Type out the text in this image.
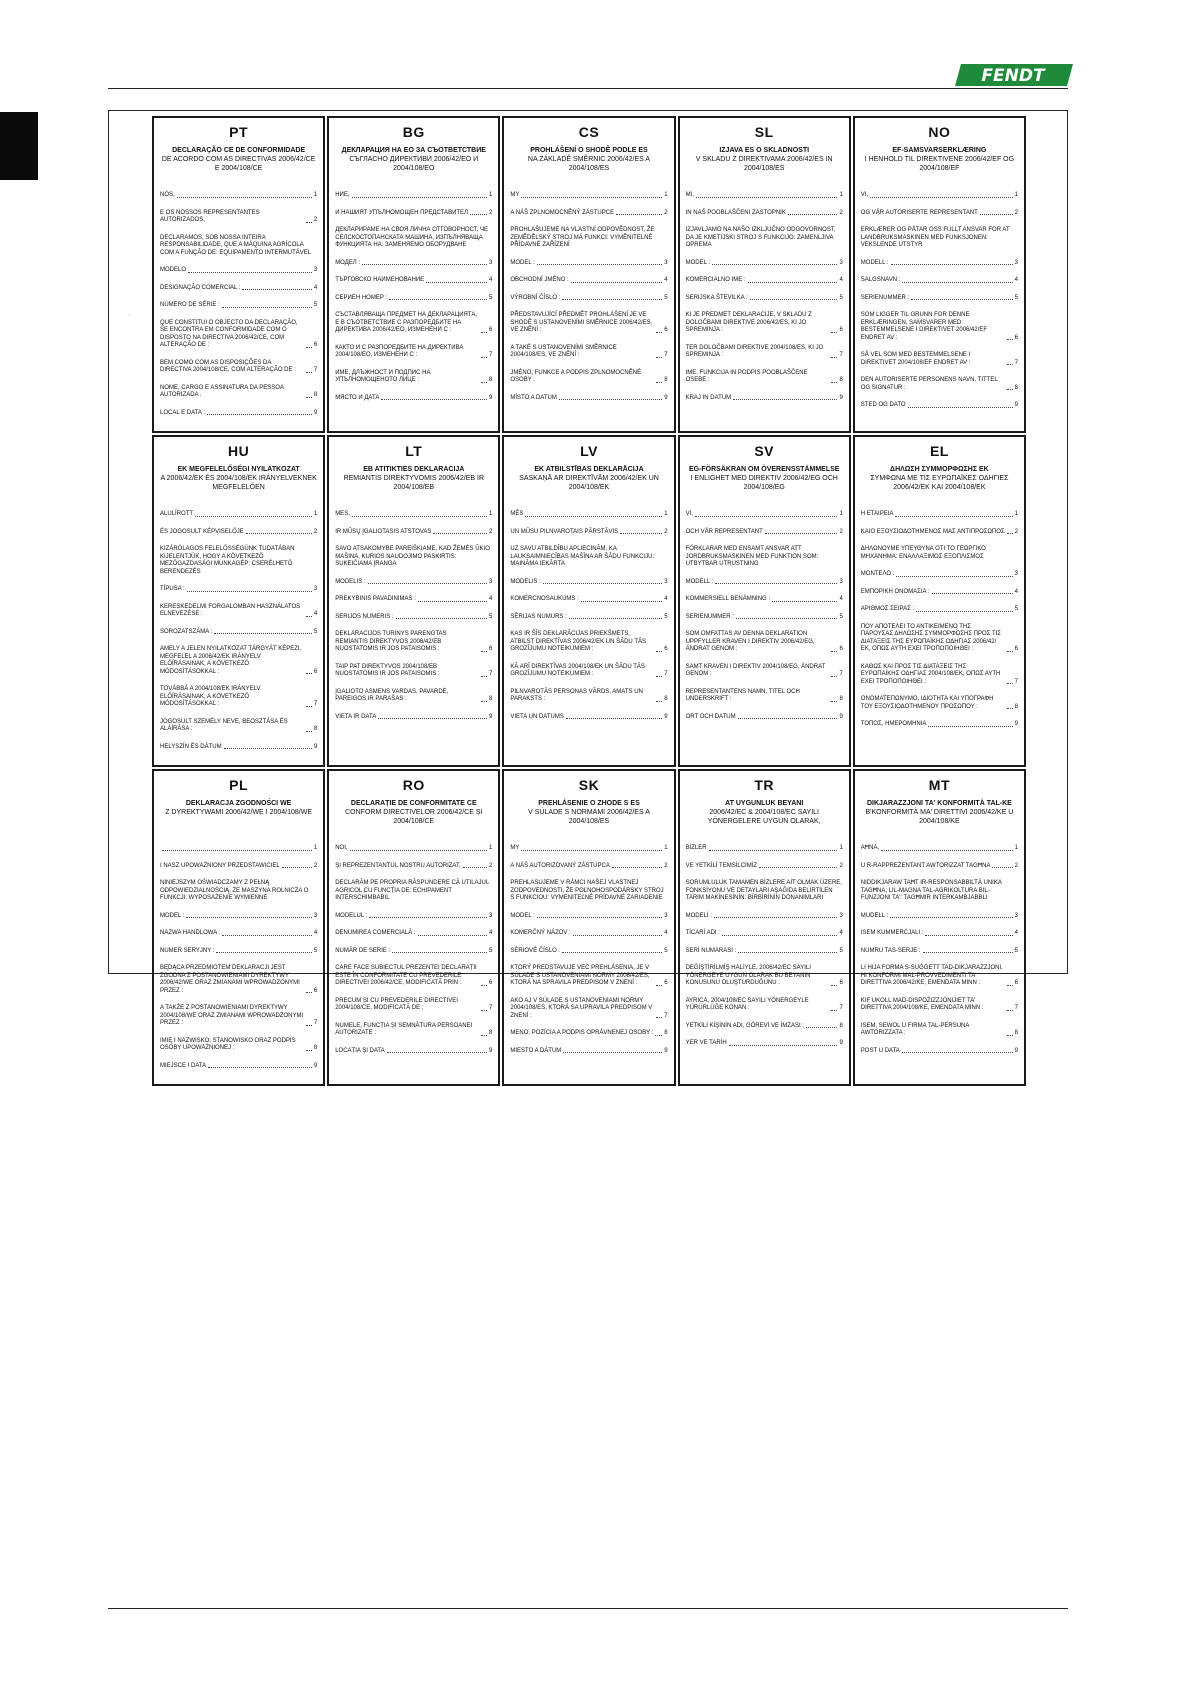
FENDT
·
PT
DECLARAÇÃO CE DE CONFORMIDADE
DE ACORDO COM AS DIRECTIVAS 2006/42/CE E 2004/108/CE
NÓS,	1
E OS NOSSOS REPRESENTANTES AUTORIZADOS,	2
DECLARAMOS, SOB NOSSA INTEIRA RESPONSABILIDADE, QUE A MÁQUINA AGRÍCOLA COM A FUNÇÃO DE: EQUIPAMENTO INTERMUTÁVEL
MODELO	3
DESIGNAÇÃO COMERCIAL :	4
NÚMERO DE SÉRIE :	5
QUE CONSTITUI O OBJECTO DA DECLARAÇÃO, SE ENCONTRA EM CONFORMIDADE COM O DISPOSTO NA DIRECTIVA 2006/42/CE, COM ALTERAÇÃO DE :	6
BEM COMO COM AS DISPOSIÇÕES DA DIRECTIVA 2004/108/CE, COM ALTERAÇÃO DE :	7
NOME, CARGO E ASSINATURA DA PESSOA AUTORIZADA .	8
LOCAL E DATA :	9
BG
ДЕКЛАРАЦИЯ НА ЕО ЗА СЪОТВЕТСТВИЕ
СЪГЛАСНО ДИРЕКТИВИ 2006/42/ЕО И 2004/108/ЕО
НИЕ,	1
И НАШИЯТ УПЪЛНОМОЩЕН ПРЕДСТАВИТЕЛ	2
ДЕКЛАРИРАМЕ НА СВОЯ ЛИЧНА ОТГОВОРНОСТ, ЧЕ СЕЛСКОСТОПАНСКАТА МАШИНА, ИЗПЪЛНЯВАЩА ФУНКЦИЯТА НА: ЗАМЕНЯЕМО ОБОРУДВАНЕ
МОДЕЛ :	3
ТЪРГОВСКО НАИМЕНОВАНИЕ	4
СЕРИЕН НОМЕР :	5
СЪСТАВЛЯВАЩА ПРЕДМЕТ НА ДЕКЛАРАЦИЯТА, Е В СЪОТВЕТСТВИЕ С РАЗПОРЕДБИТЕ НА ДИРЕКТИВА 2006/42/ЕО, ИЗМЕНЕНИ С :	6
КАКТО И С РАЗПОРЕДБИТЕ НА ДИРЕКТИВА 2004/108/ЕО, ИЗМЕНЕНИ С :	7
ИМЕ, ДЛЪЖНОСТ И ПОДПИС НА УПЪЛНОМОЩЕНОТО ЛИЦЕ :	8
МЯСТО И ДАТА	9
CS
PROHLÁŠENÍ O SHODĚ PODLE ES
NA ZÁKLADĚ SMĚRNIC 2006/42/ES A 2004/108/ES
MY	1
A NÁŠ ZPLNOMOCNĚNÝ ZÁSTUPCE	2
PROHLAŠUJEME NA VLASTNÍ ODPOVĚDNOST, ŽE ZEMĚDĚLSKÝ STROJ MÁ FUNKCI: VYMĚNITELNÉ PŘÍDAVNÉ ZAŘÍZENÍ
MODEL :	3
OBCHODNÍ JMÉNO :	4
VÝROBNÍ ČÍSLO :	5
PŘEDSTAVUJÍCÍ PŘEDMĚT PROHLÁŠENÍ JE VE SHODĚ S USTANOVENÍMI SMĚRNICE 2006/42/ES, VE ZNĚNÍ :	6
A TAKÉ S USTANOVENÍMI SMĚRNICE 2004/108/ES, VE ZNĚNÍ :	7
JMÉNO, FUNKCE A PODPIS ZPLNOMOCNĚNÉ OSOBY :	8
MÍSTO A DATUM	9
SL
IZJAVA ES O SKLADNOSTI
V SKLADU Z DIREKTIVAMA 2006/42/ES IN 2004/108/ES
MI,	1
IN NAŠ POOBLAŠČENI ZASTOPNIK	2
IZJAVLJAMO NA NAŠO IZKLJUČNO ODGOVORNOST, DA JE KMETIJSKI STROJ S FUNKCIJO: ZAMENLJIVA OPREMA
MODEL :	3
KOMERCIALNO IME :	4
SERIJSKA ŠTEVILKA :	5
KI JE PREDMET DEKLARACIJE, V SKLADU Z DOLOČBAMI DIREKTIVE 2006/42/ES, KI JO SPREMINJA :	6
TER DOLOČBAMI DIREKTIVE 2004/108/ES, KI JO SPREMINJA :	7
IME, FUNKCIJA IN PODPIS POOBLAŠČENE OSEBE :	8
KRAJ IN DATUM	9
NO
EF-SAMSVARSERKLÆRING
I HENHOLD TIL DIREKTIVENE 2006/42/EF OG 2004/108/EF
VI,	1
OG VÅR AUTORISERTE REPRESENTANT	2
ERKLÆRER OG PÅTAR OSS FULLT ANSVAR FOR AT LANDBRUKSMASKINEN MED FUNKSJONEN: VEKSLENDE UTSTYR
MODELL :	3
SALGSNAVN :	4
SERIENUMMER :	5
SOM LIGGER TIL GRUNN FOR DENNE ERKLÆRINGEN, SAMSVARER MED BESTEMMELSENE I DIREKTIVET 2006/42/EF ENDRET AV :	6
SÅ VEL SOM MED BESTEMMELSENE I DIREKTIVET 2004/108/EF ENDRET AV :	7
DEN AUTORISERTE PERSONENS NAVN, TITTEL OG SIGNATUR :	8
STED OG DATO	9
HU
EK MEGFELELŐSÉGI NYILATKOZAT
A 2006/42/EK ÉS 2004/108/EK IRÁNYELVEKNEK MEGFELELŐEN
ALULÍROTT	1
ÉS JOGOSULT KÉPVISELŐJE	2
KIZÁRÓLAGOS FELELŐSSÉGÜNK TUDATÁBAN KIJELENTJÜK, HOGY A KÖVETKEZŐ MEZŐGAZDASÁGI MUNKAGÉP: CSERÉLHETŐ BERENDEZÉS
TÍPUSA :	3
KERESKEDELMI FORGALOMBAN HASZNÁLATOS ELNEVEZÉSE :	4
SOROZATSZÁMA :	5
AMELY A JELEN NYILATKOZAT TÁRGYÁT KÉPEZI, MEGFELEL A 2006/42/EK IRÁNYELV ELŐÍRÁSAINAK, A KÖVETKEZŐ MÓDOSÍTÁSOKKAL :	6
TOVÁBBÁ A 2004/108/EK IRÁNYELV ELŐÍRÁSAINAK, A KÖVETKEZŐ MÓDOSÍTÁSOKKAL :	7
JOGOSULT SZEMÉLY NEVE, BEOSZTÁSA ÉS ALÁÍRÁSA :	8
HELYSZÍN ÉS DÁTUM	9
LT
EB ATITIKTIES DEKLARACIJA
REMIANTIS DIREKTYVOMIS 2006/42/EB IR 2004/108/EB
MES,	1
IR MŪSŲ ĮGALIOTASIS ATSTOVAS	2
SAVO ATSAKOMYBE PAREIŠKIAME, KAD ŽEMĖS ŪKIO MAŠINA, KURIOS NAUDOJIMO PASKIRTIS: SUKEIČIAMA ĮRANGA
MODELIS :	3
PREKYBINIS PAVADINIMAS :	4
SERIJOS NUMERIS :	5
DEKLARACIJOS TURINYS PARENGTAS REMIANTIS DIREKTYVOS 2006/42/EB NUOSTATOMIS IR JOS PATAISOMIS :	6
TAIP PAT DIREKTYVOS 2004/108/EB NUOSTATOMIS IR JOS PATAISOMIS :	7
ĮGALIOTO ASMENS VARDAS, PAVARDĖ, PAREIGOS IR PARAŠAS :	8
VIETA IR DATA	9
LV
EK ATBILSTĪBAS DEKLARĀCIJA
SASKAŅĀ AR DIREKTĪVĀM 2006/42/EK UN 2004/108/EK
MĒS	1
UN MŪSU PILNVAROTAIS PĀRSTĀVIS	2
UZ SAVU ATBILDĪBU APLIECINĀM, KA LAUKSAIMNIECĪBAS MAŠĪNA AR ŠĀDU FUNKCIJU: MAINĀMA IEKĀRTA
MODELIS :	3
KOMERCNOSAUKUMS :	4
SĒRIJAS NUMURS :	5
KAS IR ŠĪS DEKLARĀCIJAS PRIEKŠMETS, ATBILST DIREKTĪVAS 2006/42/EK UN ŠĀDU TĀS GROZĪJUMU NOTEIKUMIEM :	6
KĀ ARĪ DIREKTĪVAS 2004/108/EK UN ŠĀDU TĀS GROZĪJUMU NOTEIKUMIEM :	7
PILNVAROTĀS PERSONAS VĀRDS, AMATS UN PARAKSTS :	8
VIETA UN DATUMS	9
SV
EG-FÖRSÄKRAN OM ÖVERENSSTÄMMELSE
I ENLIGHET MED DIREKTIV 2006/42/EG OCH 2004/108/EG
VI,	1
OCH VÅR REPRESENTANT	2
FÖRKLARAR MED ENSAMT ANSVAR ATT JORDBRUKSMASKINEN MED FUNKTION SOM: UTBYTBAR UTRUSTNING
MODELL :	3
KOMMERSIELL BENÄMNING :	4
SERIENUMMER :	5
SOM OMFATTAS AV DENNA DEKLARATION UPPFYLLER KRAVEN I DIREKTIV 2006/42/EG, ÄNDRAT GENOM :	6
SAMT KRAVEN I DIREKTIV 2004/108/EG, ÄNDRAT GENOM :	7
REPRESENTANTENS NAMN, TITEL OCH UNDERSKRIFT :	8
ORT OCH DATUM	9
EL
ΔΗΛΩΣΗ ΣΥΜΜΟΡΦΩΣΗΣ ΕΚ
ΣΥΜΦΩΝΑ ΜΕ ΤΙΣ ΕΥΡΩΠΑΪΚΕΣ ΟΔΗΓΙΕΣ 2006/42/ΕΚ ΚΑΙ 2004/108/ΕΚ
Η ΕΤΑΙΡΕΙΑ	1
ΚΑΙΟ ΕΞΟΥΣΙΟΔΟΤΗΜΕΝΟΣ ΜΑΣ ΑΝΤΙΠΡΟΣΩΠΟΣ 2
ΔΗΛΩΝΟΥΜΕ ΥΠΕΥΘΥΝΑ ΟΤΙ ΤΟ ΓΕΩΡΓΙΚΟ ΜΗΧΑΝΗΜΑ: ΕΝΑΛΛΑΞΙΜΟΣ ΕΞΟΠΛΙΣΜΟΣ
ΜΟΝΤΕΛΟ :	3
ΕΜΠΟΡΙΚΗ ΟΝΟΜΑΣΙΑ :	4
ΑΡΙΘΜΟΣ ΣΕΙΡΑΣ :	5
ΠΟΥ ΑΠΟΤΕΛΕΙ ΤΟ ΑΝΤΙΚΕΙΜΕΝΟ ΤΗΣ ΠΑΡΟΥΣΑΣ ΔΗΛΩΣΗΣ ΣΥΜΜΟΡΦΩΣΗΣ ΠΡΟΣ ΤΙΣ ΔΙΑΤΑΞΕΙΣ ΤΗΣ ΕΥΡΩΠΑΪΚΗΣ ΟΔΗΓΙΑΣ 2006/42/ΕΚ, ΟΠΩΣ ΑΥΤΗ ΕΧΕΙ ΤΡΟΠΟΠΟΙΗΘΕΙ :	6
ΚΑΘΩΣ ΚΑΙ ΠΡΟΣ ΤΙΣ ΔΙΑΤΑΞΕΙΣ ΤΗΣ ΕΥΡΩΠΑΪΚΗΣ ΟΔΗΓΙΑΣ 2004/108/ΕΚ, ΟΠΩΣ ΑΥΤΗ ΕΧΕΙ ΤΡΟΠΟΠΟΙΗΘΕΙ :	7
ΟΝΟΜΑΤΕΠΩΝΥΜΟ, ΙΔΙΟΤΗΤΑ ΚΑΙ ΥΠΟΓΡΑΦΗ ΤΟΥ ΕΞΟΥΣΙΟΔΟΤΗΜΕΝΟΥ ΠΡΟΣΩΠΟΥ :	8
ΤΟΠΟΣ, ΗΜΕΡΟΜΗΝΙΑ	9
PL
DEKLARACJA ZGODNOŚCI WE
Z DYREKTYWAMI 2006/42/WE I 2004/108/WE
1
I NASZ UPOWAŻNIONY PRZEDSTAWICIEL	2
NINIEJSZYM OŚWIADCZAMY Z PEŁNĄ ODPOWIEDZIALNOŚCIĄ, ŻE MASZYNA ROLNICZA O FUNKCJI: WYPOSAŻENIE WYMIENNE
MODEL :	3
NAZWA HANDLOWA :	4
NUMER SERYJNY :	5
BĘDĄCA PRZEDMIOTEM DEKLARACJI JEST ZGODNA Z POSTANOWIENIAMI DYREKTYWY 2006/42/WE ORAZ ZMIANAMI WPROWADZONYMI PRZEZ :	6
A TAKŻE Z POSTANOWIENIAMI DYREKTYWY 2004/108/WE ORAZ ZMIANAMI WPROWADZONYMI PRZEZ :	7
IMIĘ I NAZWISKO, STANOWISKO ORAZ PODPIS OSOBY UPOWAŻNIONEJ :	8
MIEJSCE I DATA	9
RO
DECLARAȚIE DE CONFORMITATE CE
CONFORM DIRECTIVELOR 2006/42/CE ȘI 2004/108/CE
NOI,	1
ȘI REPREZENTANTUL NOSTRU AUTORIZAT,	2
DECLARĂM PE PROPRIA RĂSPUNDERE CĂ UTILAJUL AGRICOL CU FUNCȚIA DE: ECHIPAMENT INTERSCHIMBABIL
MODELUL :	3
DENUMIREA COMERCIALĂ :	4
NUMĂR DE SERIE :	5
CARE FACE SUBIECTUL PREZENTEI DECLARAȚII ESTE ÎN CONFORMITATE CU PREVEDERILE DIRECTIVEI 2006/42/CE, MODIFICATĂ PRIN :	6
PRECUM ȘI CU PREVEDERILE DIRECTIVEI 2004/108/CE, MODIFICATĂ DE :	7
NUMELE, FUNCȚIA ȘI SEMNĂTURA PERSOANEI AUTORIZATE :	8
LOCAȚIA ȘI DATA	9
SK
PREHLÁSENIE O ZHODE S ES
V SÚLADE S NORMAMI 2006/42/ES A 2004/108/ES
MY	1
A NÁŠ AUTORIZOVANÝ ZÁSTUPCA	2
PREHLASUJEME V RÁMCI NAŠEJ VLASTNEJ ZODPOVEDNOSTI, ŽE POĽNOHOSPODÁRSKY STROJ S FUNKCIOU: VYMENITEĽNÉ PRÍDAVNÉ ZARIADENIE
MODEL :	3
KOMERČNÝ NÁZOV :	4
SÉRIOVÉ ČÍSLO :	5
KTORÝ PREDSTAVUJE VEC PREHLÁSENIA, JE V SÚLADE S USTANOVENIAMI NORMY 2006/42/ES, KTORÁ NA SPRAVILA PREDPISOM V ZNENÍ :	6
AKO AJ V SÚLADE S USTANOVENIAMI NORMY 2004/108/ES, KTORÁ SA UPRAVILA PREDPISOM V ZNENÍ :	7
MENO, POZÍCIA A PODPIS OPRÁVNENEJ OSOBY : 8
MIESTO A DÁTUM	9
TR
AT UYGUNLUK BEYANI
2006/42/EC & 2004/108/EC SAYILI YÖNERGELERE UYGUN OLARAK,
BİZLER	1
VE YETKİLİ TEMSİLCİMİZ	2
SORUMLULUK TAMAMEN BİZLERE AİT OLMAK ÜZERE, FONKSİYONU VE DETAYLARI AŞAĞIDA BELİRTİLEN TARIM MAKİNESİNİN: BİRBİRİNİN DONANIMLARI
MODELİ :	3
TİCARİ ADI :	4
SERİ NUMARASI :	5
DEĞİŞTİRİLMİŞ HALİYLE, 2006/42/EC SAYILI YÖNERGEYE UYGUN OLARAK BU BEYANIN KONUSUNU OLUŞTURDUĞUNU :	6
AYRICA, 2004/108/EC SAYILI YÖNERGEYLE YÜRÜRLÜĞE KONAN :	7
YETKİLİ KİŞİNİN ADI, GÖREVİ VE İMZASI :	8
YER VE TARİH	9
MT
DIKJARAZZJONI TA' KONFORMITÀ TAL-KE
B'KONFORMITÀ MA' DIRETTIVI 2006/42/KE U 2004/108/KE
AĦNA,	1
U R-RAPPREŻENTANT AWTORIZZAT TAGĦNA	2
NIDDIKJARAW TAĦT IR-RESPONSABBILTÀ UNIKA TAGĦNA, LIL-MAGNA TAL-AGRIKOLTURA BIL-FUNZJONI TA': TAGĦMIR INTERKAMBJABBLI
MUDELL :	3
ISEM KUMMERĊJALI :	4
NUMRU TAS-SERJE :	5
LI HIJA FORMA S-SUĠĠETT TAD-DIKJARAZZJONI, HI KONFORMI MAL-PROVVEDIMENTI TA' DIRETTIVA 2006/42/KE, EMENDATA MINN :	6
KIF UKOLL MAD-DISPOŻIZZJONIJIET TA' DIRETTIVA 2004/108/KE, EMENDATA MINN :	7
ISEM, SEWOL U FIRMA TAL-PERSUNA AWTORIZZATA :	8
POST U DATA	9
